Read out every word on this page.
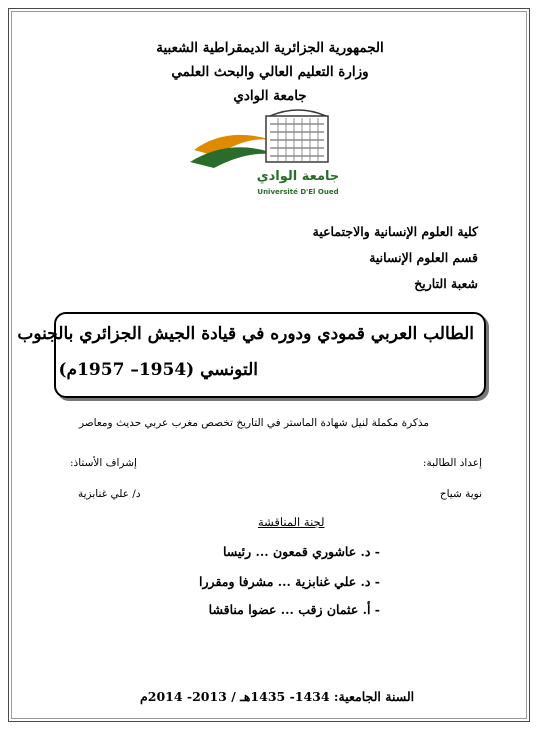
الجمهورية الجزائرية الديمقراطية الشعبية
وزارة التعليم العالي والبحث العلمي
جامعة الوادي
جامعة الوادي
Université D'El Oued
كلية العلوم الإنسانية والاجتماعية
قسم العلوم الإنسانية
شعبة التاريخ
الطالب العربي قمودي ودوره في قيادة الجيش الجزائري بالجنوب
التونسي (1954– 1957م)
مذكرة مكملة لنيل شهادة الماستر في التاريخ تخصص مغرب عربي حديث ومعاصر
إعداد الطالبة:
إشراف الأستاذ:
نوية شياح
د/ علي غنابزية
لجنة المناقشة
- د. عاشوري قمعون ... رئيسا
- د. علي غنابزية ... مشرفا ومقررا
- أ. عثمان زقب ... عضوا مناقشا
السنة الجامعية: 1434- 1435هـ / 2013- 2014م
